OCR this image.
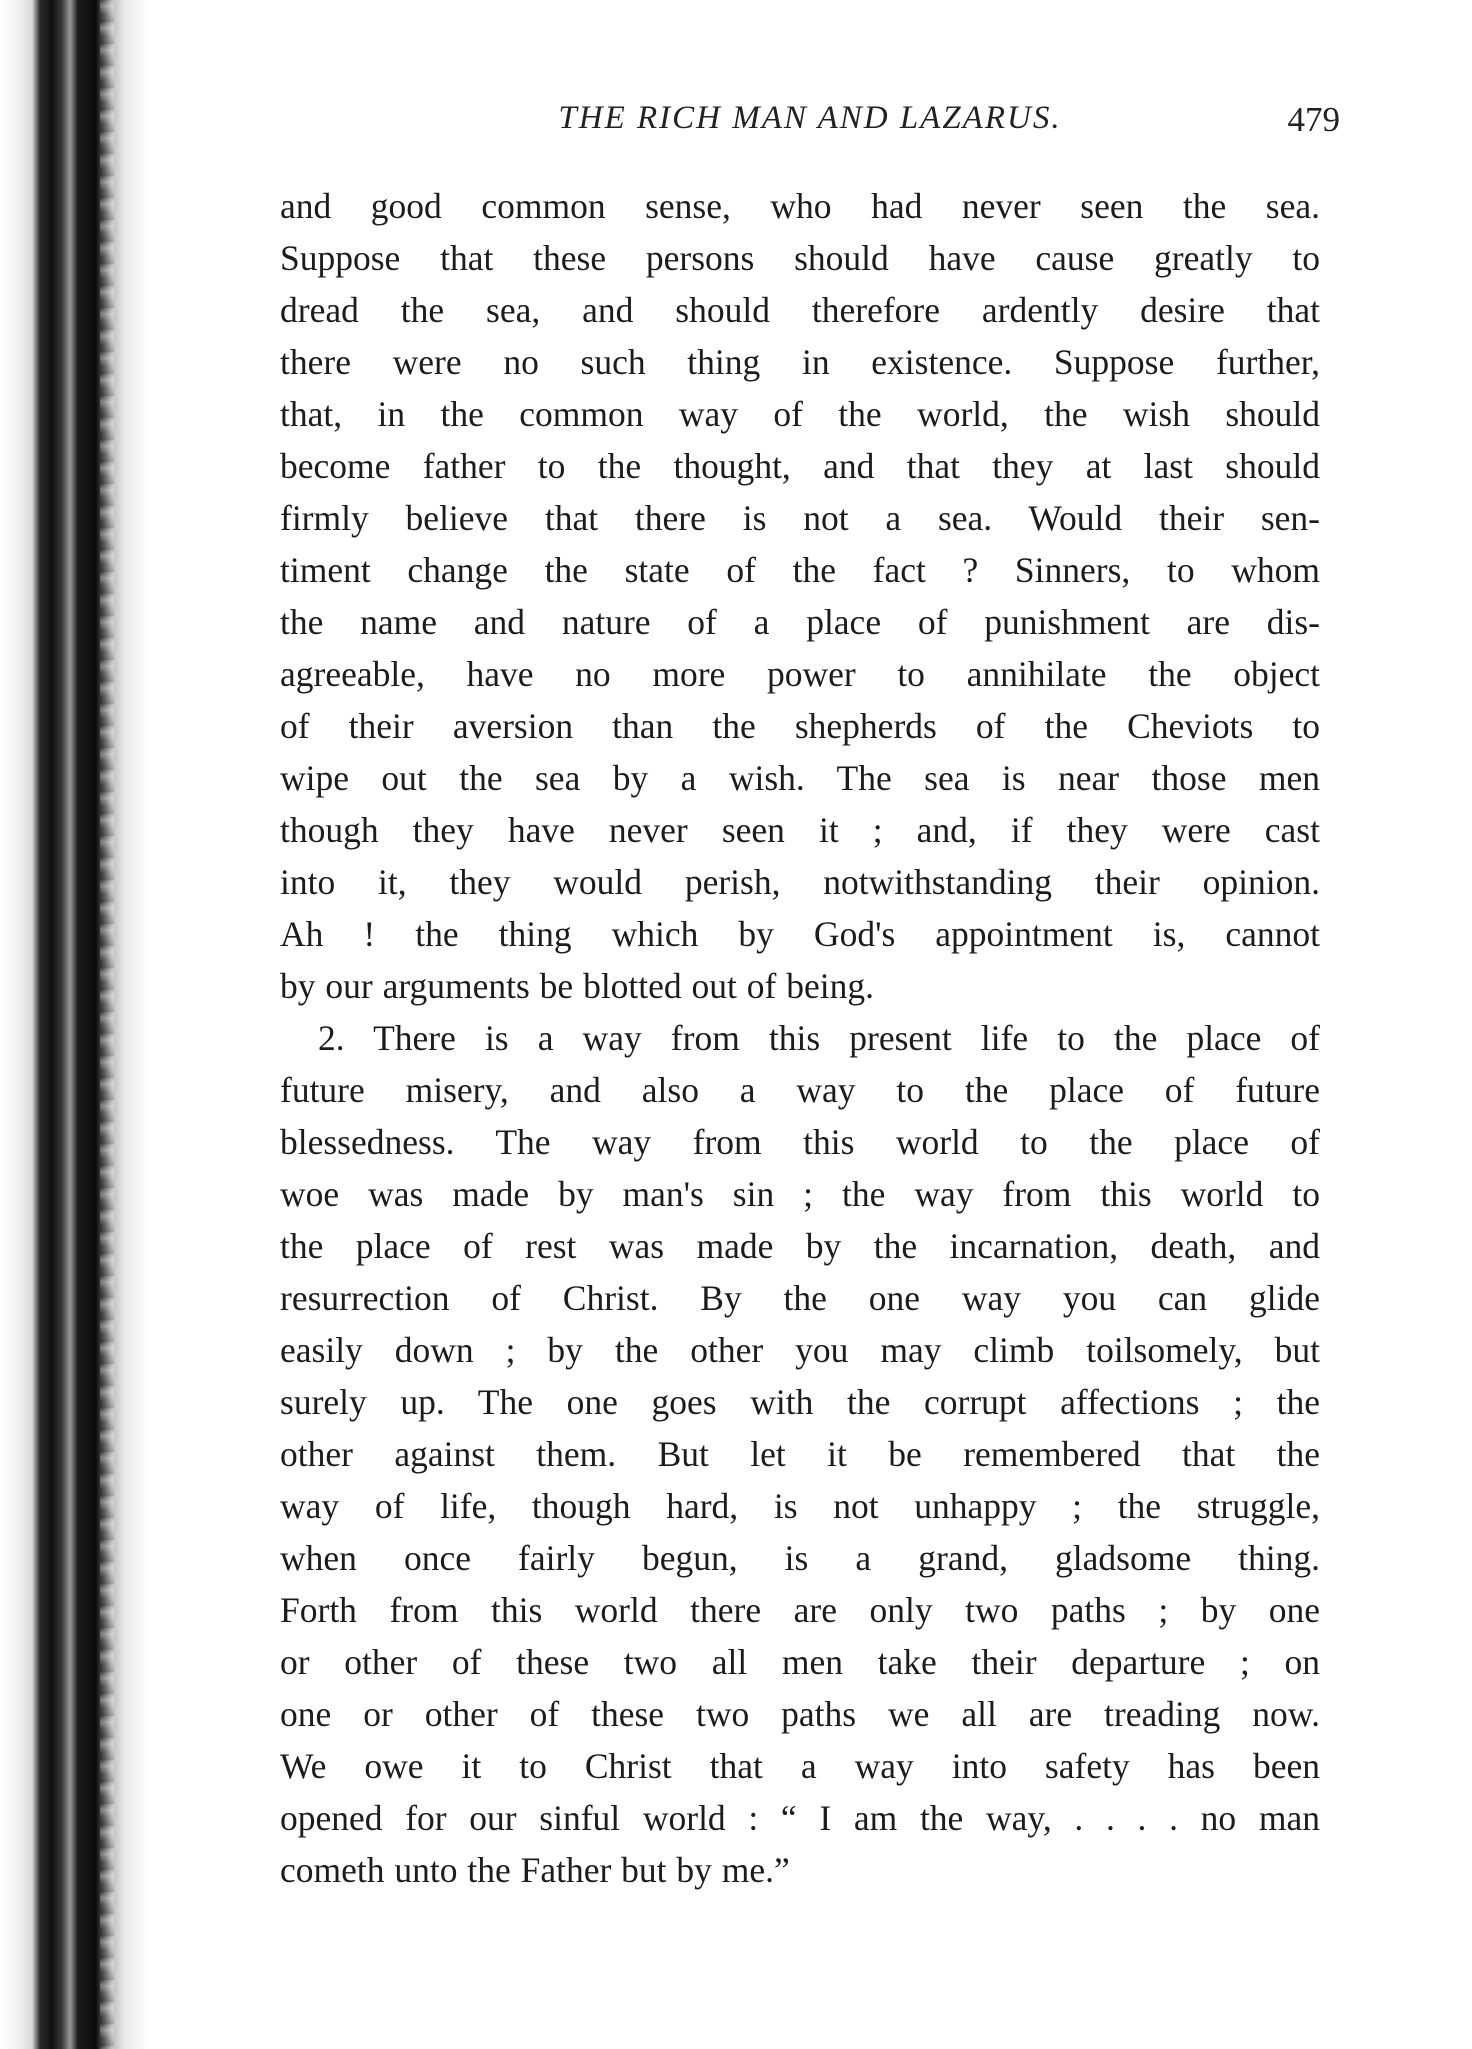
THE RICH MAN AND LAZARUS.	479
and good common sense, who had never seen the sea.
Suppose that these persons should have cause greatly to
dread the sea, and should therefore ardently desire that
there were no such thing in existence. Suppose further,
that, in the common way of the world, the wish should
become father to the thought, and that they at last should
firmly believe that there is not a sea. Would their sen-
timent change the state of the fact ? Sinners, to whom
the name and nature of a place of punishment are dis-
agreeable, have no more power to annihilate the object
of their aversion than the shepherds of the Cheviots to
wipe out the sea by a wish. The sea is near those men
though they have never seen it ; and, if they were cast
into it, they would perish, notwithstanding their opinion.
Ah ! the thing which by God's appointment is, cannot
by our arguments be blotted out of being.
2. There is a way from this present life to the place of
future misery, and also a way to the place of future
blessedness. The way from this world to the place of
woe was made by man's sin ; the way from this world to
the place of rest was made by the incarnation, death, and
resurrection of Christ. By the one way you can glide
easily down ; by the other you may climb toilsomely, but
surely up. The one goes with the corrupt affections ; the
other against them. But let it be remembered that the
way of life, though hard, is not unhappy ; the struggle,
when once fairly begun, is a grand, gladsome thing.
Forth from this world there are only two paths ; by one
or other of these two all men take their departure ; on
one or other of these two paths we all are treading now.
We owe it to Christ that a way into safety has been
opened for our sinful world : “ I am the way, . . . . no man
cometh unto the Father but by me.”
